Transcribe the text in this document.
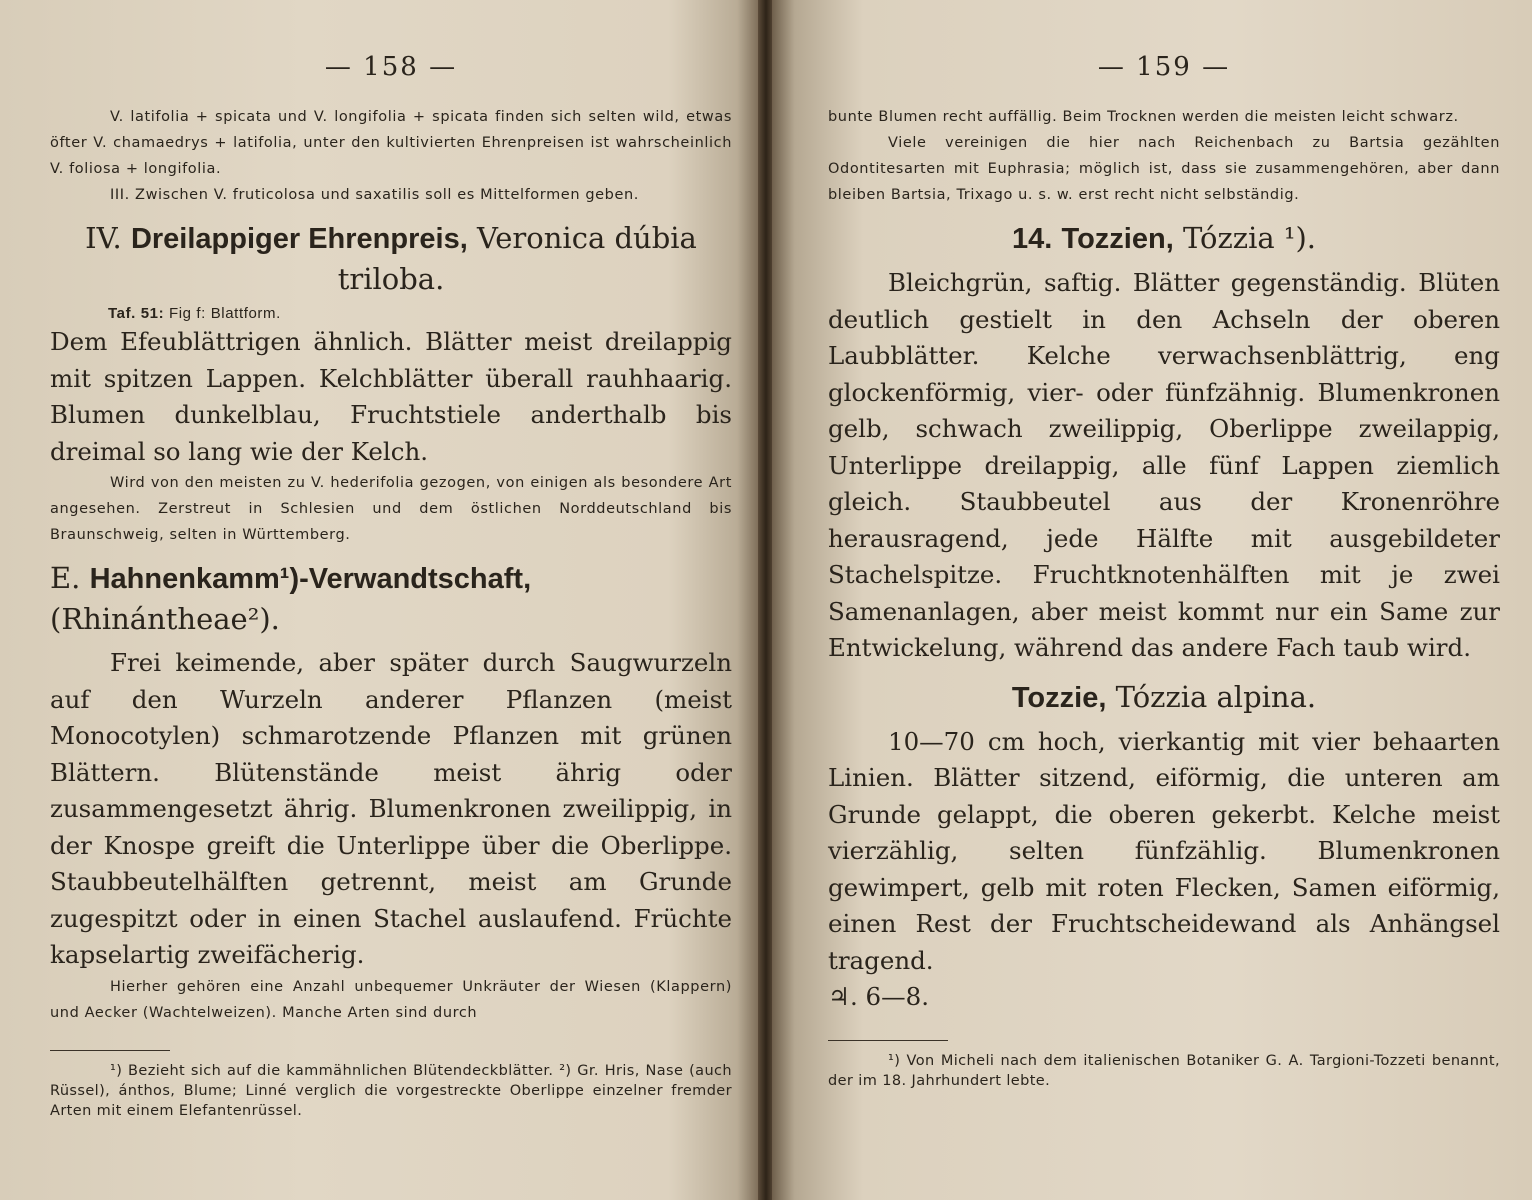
— 158 —

V. latifolia + spicata und V. longifolia + spicata finden sich selten wild, etwas öfter V. chamaedrys + latifolia, unter den kultivierten Ehrenpreisen ist wahrscheinlich V. foliosa + longifolia.

III. Zwischen V. fruticolosa und saxatilis soll es Mittelformen geben.

IV. Dreilappiger Ehrenpreis, Veronica dúbia triloba.
Taf. 51: Fig f: Blattform.

Dem Efeublättrigen ähnlich. Blätter meist dreilappig mit spitzen Lappen. Kelchblätter überall rauhhaarig. Blumen dunkelblau, Fruchtstiele anderthalb bis dreimal so lang wie der Kelch.

Wird von den meisten zu V. hederifolia gezogen, von einigen als besondere Art angesehen. Zerstreut in Schlesien und dem östlichen Norddeutschland bis Braunschweig, selten in Württemberg.

E. Hahnenkamm¹)-Verwandtschaft, (Rhinántheae²).

Frei keimende, aber später durch Saugwurzeln auf den Wurzeln anderer Pflanzen (meist Monocotylen) schmarotzende Pflanzen mit grünen Blättern. Blütenstände meist ährig oder zusammengesetzt ährig. Blumenkronen zweilippig, in der Knospe greift die Unterlippe über die Oberlippe. Staubbeutelhälften getrennt, meist am Grunde zugespitzt oder in einen Stachel auslaufend. Früchte kapselartig zweifächerig.

Hierher gehören eine Anzahl unbequemer Unkräuter der Wiesen (Klappern) und Aecker (Wachtelweizen). Manche Arten sind durch

¹) Bezieht sich auf die kammähnlichen Blütendeckblätter. ²) Gr. Hris, Nase (auch Rüssel), ánthos, Blume; Linné verglich die vorgestreckte Oberlippe einzelner fremder Arten mit einem Elefantenrüssel.

— 159 —

bunte Blumen recht auffällig. Beim Trocknen werden die meisten leicht schwarz.

Viele vereinigen die hier nach Reichenbach zu Bartsia gezählten Odontitesarten mit Euphrasia; möglich ist, dass sie zusammengehören, aber dann bleiben Bartsia, Trixago u. s. w. erst recht nicht selbständig.

14. Tozzien, Tózzia ¹).

Bleichgrün, saftig. Blätter gegenständig. Blüten deutlich gestielt in den Achseln der oberen Laubblätter. Kelche verwachsenblättrig, eng glockenförmig, vier- oder fünfzähnig. Blumenkronen gelb, schwach zweilippig, Oberlippe zweilappig, Unterlippe dreilappig, alle fünf Lappen ziemlich gleich. Staubbeutel aus der Kronenröhre herausragend, jede Hälfte mit ausgebildeter Stachelspitze. Fruchtknotenhälften mit je zwei Samenanlagen, aber meist kommt nur ein Same zur Entwickelung, während das andere Fach taub wird.

Tozzie, Tózzia alpina.

10—70 cm hoch, vierkantig mit vier behaarten Linien. Blätter sitzend, eiförmig, die unteren am Grunde gelappt, die oberen gekerbt. Kelche meist vierzählig, selten fünfzählig. Blumenkronen gewimpert, gelb mit roten Flecken, Samen eiförmig, einen Rest der Fruchtscheidewand als Anhängsel tragend.

♃. 6—8.

¹) Von Micheli nach dem italienischen Botaniker G. A. Targioni-Tozzeti benannt, der im 18. Jahrhundert lebte.
